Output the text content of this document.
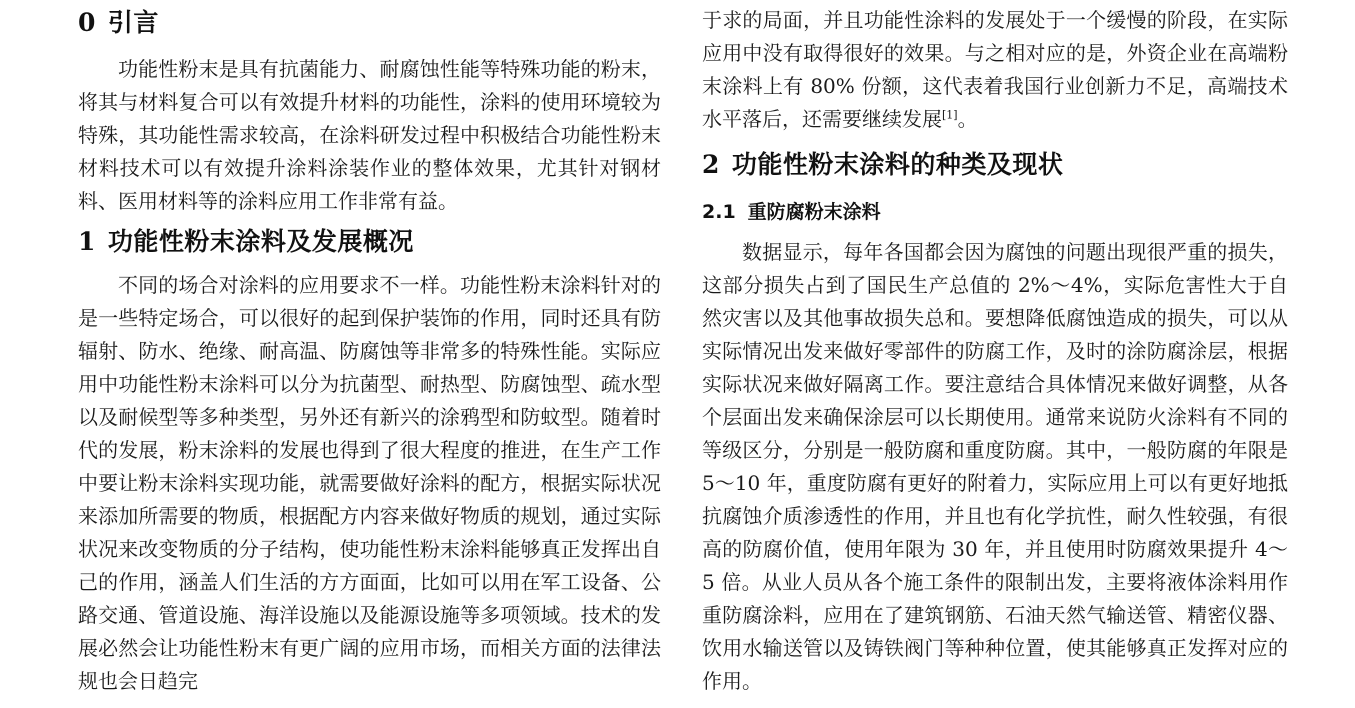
0 引言

功能性粉末是具有抗菌能力、耐腐蚀性能等特殊功能的粉末，将其与材料复合可以有效提升材料的功能性，涂料的使用环境较为特殊，其功能性需求较高，在涂料研发过程中积极结合功能性粉末材料技术可以有效提升涂料涂装作业的整体效果，尤其针对钢材料、医用材料等的涂料应用工作非常有益。

1 功能性粉末涂料及发展概况

不同的场合对涂料的应用要求不一样。功能性粉末涂料针对的是一些特定场合，可以很好的起到保护装饰的作用，同时还具有防辐射、防水、绝缘、耐高温、防腐蚀等非常多的特殊性能。实际应用中功能性粉末涂料可以分为抗菌型、耐热型、防腐蚀型、疏水型以及耐候型等多种类型，另外还有新兴的涂鸦型和防蚊型。随着时代的发展，粉末涂料的发展也得到了很大程度的推进，在生产工作中要让粉末涂料实现功能，就需要做好涂料的配方，根据实际状况来添加所需要的物质，根据配方内容来做好物质的规划，通过实际状况来改变物质的分子结构，使功能性粉末涂料能够真正发挥出自己的作用，涵盖人们生活的方方面面，比如可以用在军工设备、公路交通、管道设施、海洋设施以及能源设施等多项领域。技术的发展必然会让功能性粉末有更广阔的应用市场，而相关方面的法律法规也会日趋完

于求的局面，并且功能性涂料的发展处于一个缓慢的阶段，在实际应用中没有取得很好的效果。与之相对应的是，外资企业在高端粉末涂料上有 80% 份额，这代表着我国行业创新力不足，高端技术水平落后，还需要继续发展[1]。

2 功能性粉末涂料的种类及现状
2.1 重防腐粉末涂料

数据显示，每年各国都会因为腐蚀的问题出现很严重的损失，这部分损失占到了国民生产总值的 2%～4%，实际危害性大于自然灾害以及其他事故损失总和。要想降低腐蚀造成的损失，可以从实际情况出发来做好零部件的防腐工作，及时的涂防腐涂层，根据实际状况来做好隔离工作。要注意结合具体情况来做好调整，从各个层面出发来确保涂层可以长期使用。通常来说防火涂料有不同的等级区分，分别是一般防腐和重度防腐。其中，一般防腐的年限是 5～10 年，重度防腐有更好的附着力，实际应用上可以有更好地抵抗腐蚀介质渗透性的作用，并且也有化学抗性，耐久性较强，有很高的防腐价值，使用年限为 30 年，并且使用时防腐效果提升 4～5 倍。从业人员从各个施工条件的限制出发，主要将液体涂料用作重防腐涂料，应用在了建筑钢筋、石油天然气输送管、精密仪器、饮用水输送管以及铸铁阀门等种种位置，使其能够真正发挥对应的作用。
